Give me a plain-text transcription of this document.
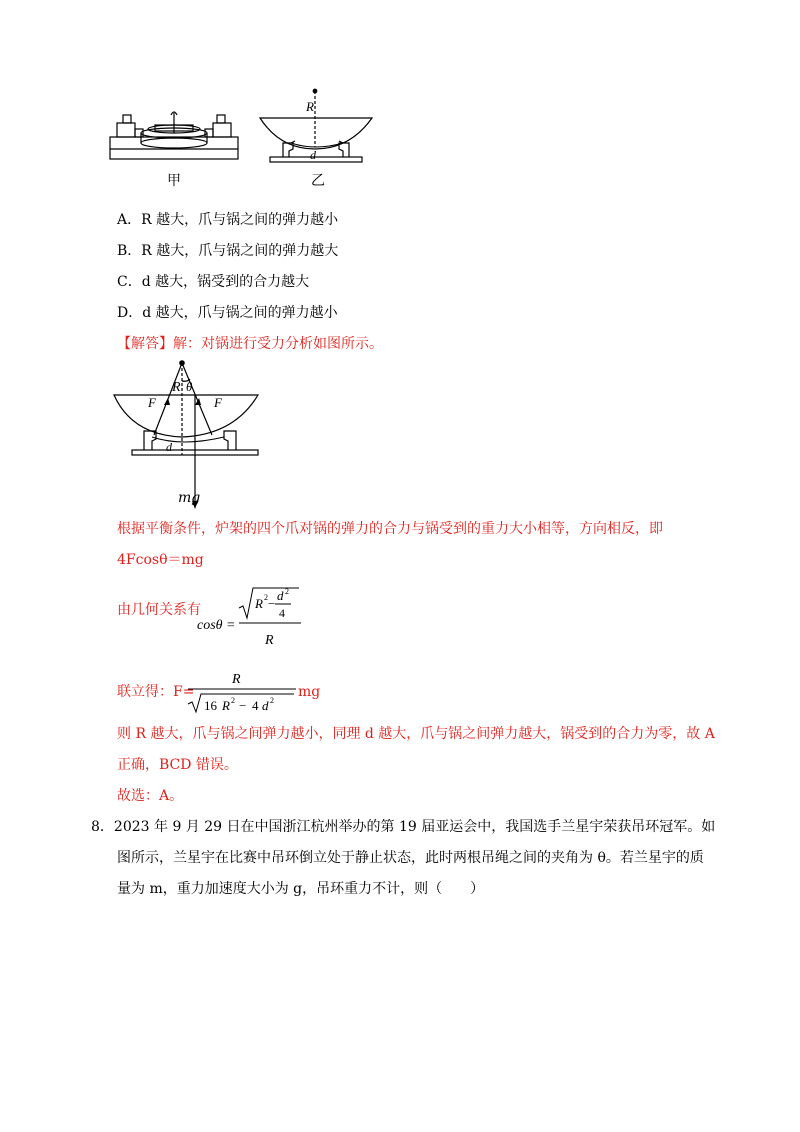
甲
R
d
乙
A．R 越大，爪与锅之间的弹力越小
B．R 越大，爪与锅之间的弹力越大
C．d 越大，锅受到的合力越大
D．d 越大，爪与锅之间的弹力越小
【解答】解：对锅进行受力分析如图所示。
R θ
F	F
d
mg
根据平衡条件，炉架的四个爪对锅的弹力的合力与锅受到的重力大小相等，方向相反，即
4Fcosθ＝mg
由几何关系有
cosθ =
R 2 −
d 2
4
R
联立得：F=
R
16 R 2 − 4 d 2
mg
则 R 越大，爪与锅之间弹力越小，同理 d 越大，爪与锅之间弹力越大，锅受到的合力为零，故 A
正确，BCD 错误。
故选：A。
8．2023 年 9 月 29 日在中国浙江杭州举办的第 19 届亚运会中，我国选手兰星宇荣获吊环冠军。如
图所示，兰星宇在比赛中吊环倒立处于静止状态，此时两根吊绳之间的夹角为 θ。若兰星宇的质
量为 m，重力加速度大小为 g，吊环重力不计，则（　　）
